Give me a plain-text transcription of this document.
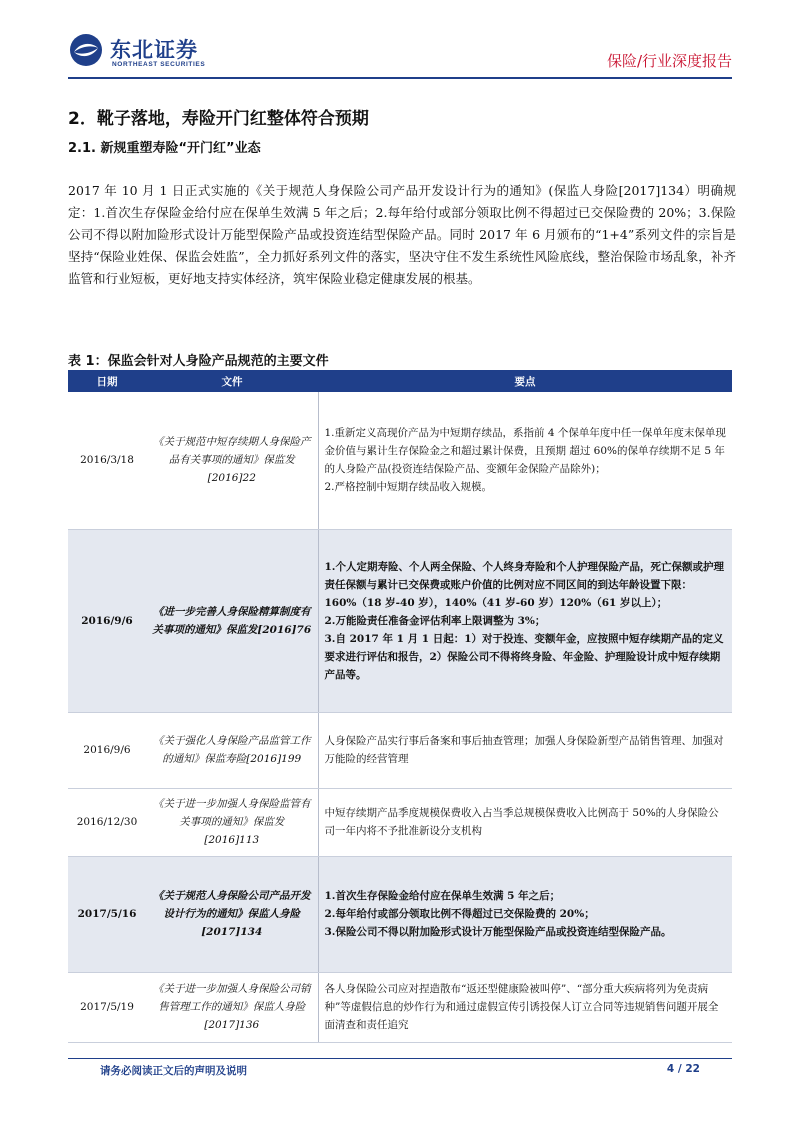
东北证券
NORTHEAST SECURITIES	保险/行业深度报告
2．靴子落地，寿险开门红整体符合预期
2.1. 新规重塑寿险“开门红”业态

2017 年 10 月 1 日正式实施的《关于规范人身保险公司产品开发设计行为的通知》(保监人身险[2017]134）明确规定：1.首次生存保险金给付应在保单生效满 5 年之后；2.每年给付或部分领取比例不得超过已交保险费的 20%；3.保险公司不得以附加险形式设计万能型保险产品或投资连结型保险产品。同时 2017 年 6 月颁布的“1+4”系列文件的宗旨是坚持“保险业姓保、保监会姓监”，全力抓好系列文件的落实，坚决守住不发生系统性风险底线，整治保险市场乱象，补齐监管和行业短板，更好地支持实体经济，筑牢保险业稳定健康发展的根基。

表 1：保监会针对人身险产品规范的主要文件
日期	文件	要点
2016/3/18	《关于规范中短存续期人身保险产品有关事项的通知》保监发[2016]22	1.重新定义高现价产品为中短期存续品，系指前 4 个保单年度中任一保单年度末保单现金价值与累计生存保险金之和超过累计保费，且预期 超过 60%的保单存续期不足 5 年的人身险产品(投资连结保险产品、变额年金保险产品除外)；
2.严格控制中短期存续品收入规模。

2016/9/6	《进一步完善人身保险精算制度有关事项的通知》保监发[2016]76	1.个人定期寿险、个人两全保险、个人终身寿险和个人护理保险产品，死亡保额或护理责任保额与累计已交保费或账户价值的比例对应不同区间的到达年龄设置下限：160%（18 岁-40 岁），140%（41 岁-60 岁）120%（61 岁以上）；
2.万能险责任准备金评估利率上限调整为 3%；
3.自 2017 年 1 月 1 日起：1）对于投连、变额年金，应按照中短存续期产品的定义要求进行评估和报告，2）保险公司不得将终身险、年金险、护理险设计成中短存续期产品等。

2016/9/6	《关于强化人身保险产品监管工作的通知》保监寿险[2016]199	人身保险产品实行事后备案和事后抽查管理；加强人身保险新型产品销售管理、加强对万能险的经营管理

2016/12/30	《关于进一步加强人身保险监管有关事项的通知》保监发[2016]113	中短存续期产品季度规模保费收入占当季总规模保费收入比例高于 50%的人身保险公司一年内将不予批准新设分支机构

2017/5/16	《关于规范人身保险公司产品开发设计行为的通知》保监人身险[2017]134	1.首次生存保险金给付应在保单生效满 5 年之后；
2.每年给付或部分领取比例不得超过已交保险费的 20%；
3.保险公司不得以附加险形式设计万能型保险产品或投资连结型保险产品。

2017/5/19	《关于进一步加强人身保险公司销售管理工作的通知》保监人身险[2017]136	各人身保险公司应对捏造散布“返还型健康险被叫停”、“部分重大疾病将列为免责病种”等虚假信息的炒作行为和通过虚假宣传引诱投保人订立合同等违规销售问题开展全面清查和责任追究
请务必阅读正文后的声明及说明	4 / 22
